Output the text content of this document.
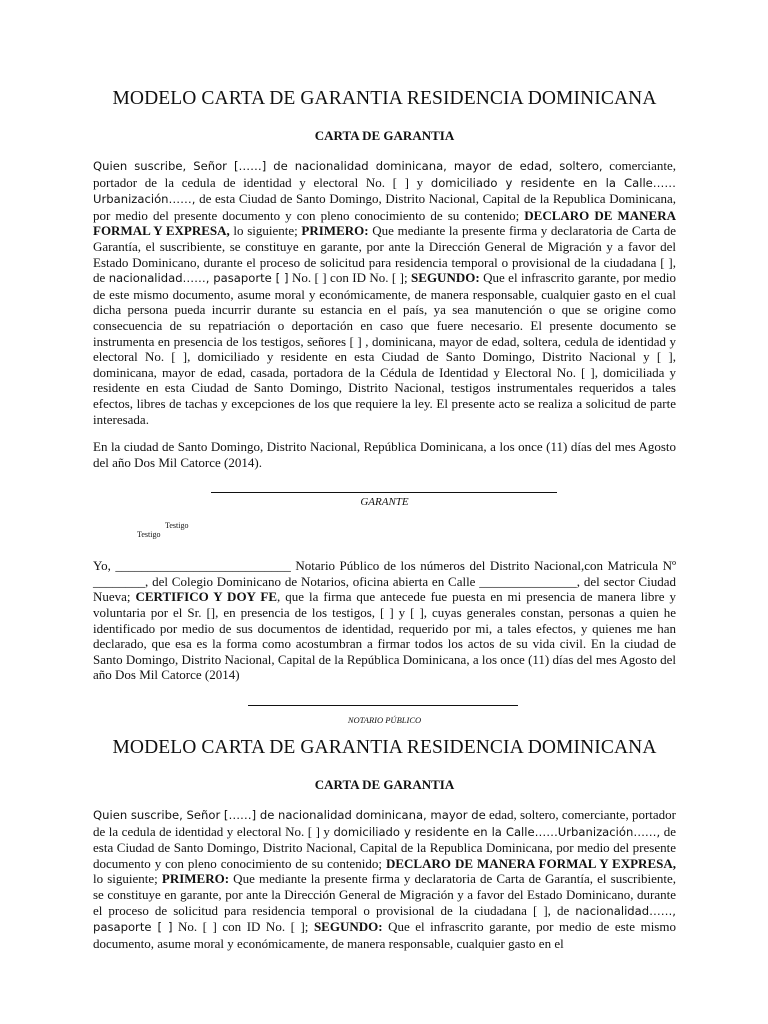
MODELO CARTA DE GARANTIA RESIDENCIA DOMINICANA
CARTA DE GARANTIA

Quien suscribe, Señor [……] de nacionalidad dominicana, mayor de edad, soltero, comerciante, portador de la cedula de identidad y electoral No. [ ] y domiciliado y residente en la Calle……Urbanización……, de esta Ciudad de Santo Domingo, Distrito Nacional, Capital de la Republica Dominicana, por medio del presente documento y con pleno conocimiento de su contenido; DECLARO DE MANERA FORMAL Y EXPRESA, lo siguiente; PRIMERO: Que mediante la presente firma y declaratoria de Carta de Garantía, el suscribiente, se constituye en garante, por ante la Dirección General de Migración y a favor del Estado Dominicano, durante el proceso de solicitud para residencia temporal o provisional de la ciudadana [ ], de nacionalidad……, pasaporte [ ] No. [ ] con ID No. [ ]; SEGUNDO: Que el infrascrito garante, por medio de este mismo documento, asume moral y económicamente, de manera responsable, cualquier gasto en el cual dicha persona pueda incurrir durante su estancia en el país, ya sea manutención o que se origine como consecuencia de su repatriación o deportación en caso que fuere necesario. El presente documento se instrumenta en presencia de los testigos, señores [ ] , dominicana, mayor de edad, soltera, cedula de identidad y electoral No. [ ], domiciliado y residente en esta Ciudad de Santo Domingo, Distrito Nacional y [ ], dominicana, mayor de edad, casada, portadora de la Cédula de Identidad y Electoral No. [ ], domiciliada y residente en esta Ciudad de Santo Domingo, Distrito Nacional, testigos instrumentales requeridos a tales efectos, libres de tachas y excepciones de los que requiere la ley. El presente acto se realiza a solicitud de parte interesada.

En la ciudad de Santo Domingo, Distrito Nacional, República Dominicana, a los once (11) días del mes Agosto del año Dos Mil Catorce (2014).

GARANTE
Testigo
Testigo

Yo, ___________________________ Notario Público de los números del Distrito Nacional,con Matricula Nº ________, del Colegio Dominicano de Notarios, oficina abierta en Calle _______________, del sector Ciudad Nueva; CERTIFICO Y DOY FE, que la firma que antecede fue puesta en mi presencia de manera libre y voluntaria por el Sr. [], en presencia de los testigos, [ ] y [ ], cuyas generales constan, personas a quien he identificado por medio de sus documentos de identidad, requerido por mi, a tales efectos, y quienes me han declarado, que esa es la forma como acostumbran a firmar todos los actos de su vida civil. En la ciudad de Santo Domingo, Distrito Nacional, Capital de la República Dominicana, a los once (11) días del mes Agosto del año Dos Mil Catorce (2014)

NOTARIO PÚBLICO
MODELO CARTA DE GARANTIA RESIDENCIA DOMINICANA
CARTA DE GARANTIA

Quien suscribe, Señor [……] de nacionalidad dominicana, mayor de edad, soltero, comerciante, portador de la cedula de identidad y electoral No. [ ] y domiciliado y residente en la Calle……Urbanización……, de esta Ciudad de Santo Domingo, Distrito Nacional, Capital de la Republica Dominicana, por medio del presente documento y con pleno conocimiento de su contenido; DECLARO DE MANERA FORMAL Y EXPRESA, lo siguiente; PRIMERO: Que mediante la presente firma y declaratoria de Carta de Garantía, el suscribiente, se constituye en garante, por ante la Dirección General de Migración y a favor del Estado Dominicano, durante el proceso de solicitud para residencia temporal o provisional de la ciudadana [ ], de nacionalidad……, pasaporte [ ] No. [ ] con ID No. [ ]; SEGUNDO: Que el infrascrito garante, por medio de este mismo documento, asume moral y económicamente, de manera responsable, cualquier gasto en el
